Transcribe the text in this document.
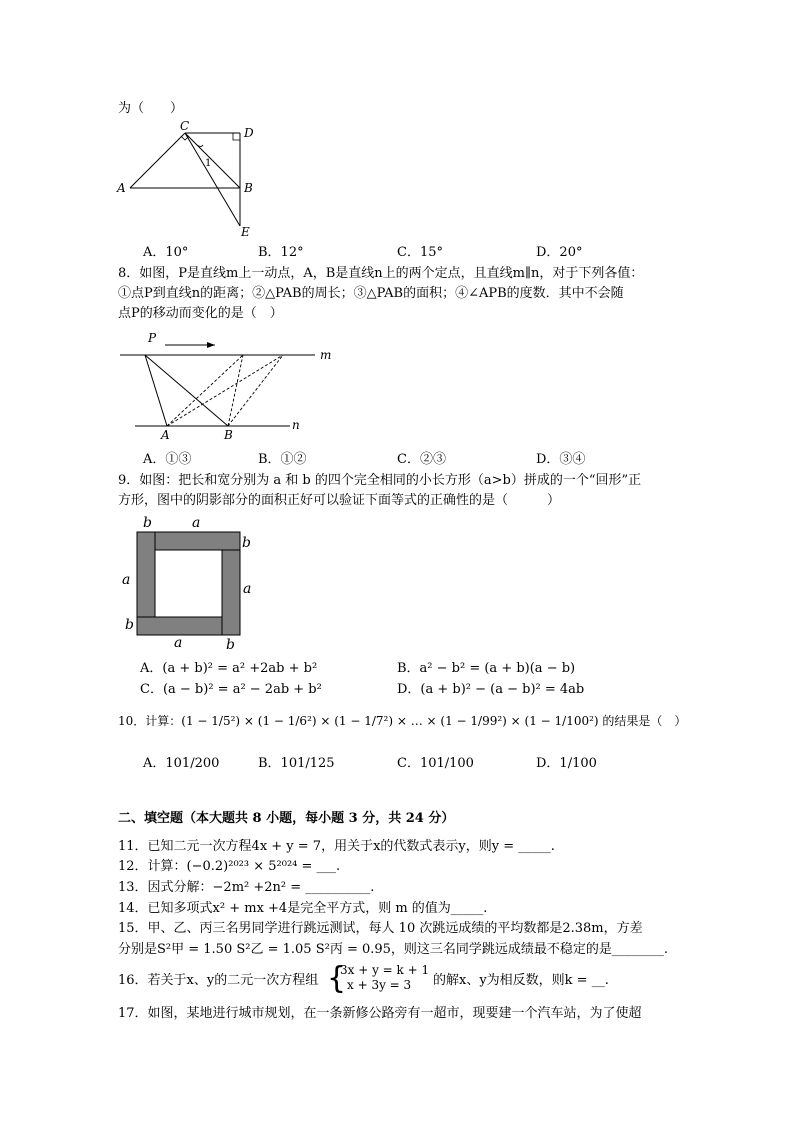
为（　　）
C	D
A	B
E
1
A．10°	B．12°	C．15°	D．20°
8．如图，P是直线m上一动点，A，B是直线n上的两个定点，且直线m∥n，对于下列各值：
①点P到直线n的距离；②△PAB的周长；③△PAB的面积；④∠APB的度数．其中不会随
点P的移动而变化的是（　）
P
m
n
A	B
A．①③	B．①②	C．②③	D．③④
9．如图：把长和宽分别为 a 和 b 的四个完全相同的小长方形（a>b）拼成的一个“回形”正
方形，图中的阴影部分的面积正好可以验证下面等式的正确性的是（　　　）
b	a
b
a
a
b
a	b
A．(a + b)² = a² +2ab + b²	B．a² − b² = (a + b)(a − b)
C．(a − b)² = a² − 2ab + b²	D．(a + b)² − (a − b)² = 4ab
10．计算：(1 − 1/5²) × (1 − 1/6²) × (1 − 1/7²) × … × (1 − 1/99²) × (1 − 1/100²) 的结果是（　）
A．101/200	B．101/125	C．101/100	D．1/100
二、填空题（本大题共 8 小题，每小题 3 分，共 24 分）
11．已知二元一次方程4x + y = 7，用关于x的代数式表示y，则y = _____.
12．计算：(−0.2)²⁰²³ × 5²⁰²⁴ = ___.
13．因式分解：−2m² +2n² = __________.
14．已知多项式x² + mx +4是完全平方式，则 m 的值为_____.
15．甲、乙、丙三名男同学进行跳远测试，每人 10 次跳远成绩的平均数都是2.38m，方差
分别是S²甲 = 1.50 S²乙 = 1.05 S²丙 = 0.95，则这三名同学跳远成绩最不稳定的是________.
16．若关于x、y的二元一次方程组 {
3x + y = k + 1
x + 3y = 3 的解x、y为相反数，则k = __.
17．如图，某地进行城市规划，在一条新修公路旁有一超市，现要建一个汽车站，为了使超
